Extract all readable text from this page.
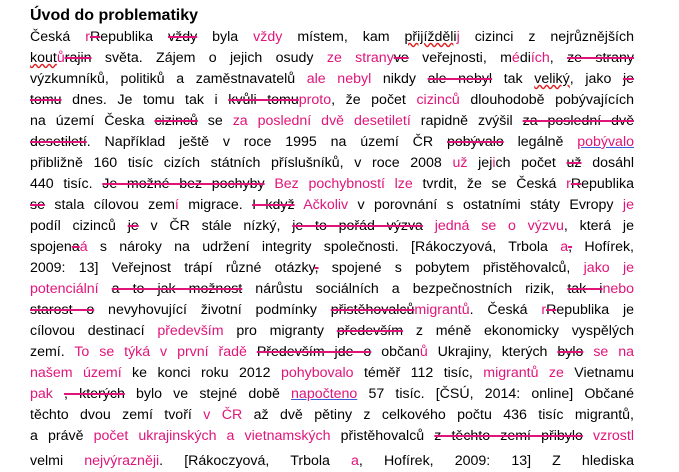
Úvod do problematiky
Česká rRepublika vždy byla vždy místem, kam přijíždělij cizinci z nejrůznějších
koutůrajin světa. Zájem o jejich osudy ze stranyve veřejnosti, médiích, ze strany
výzkumníků, politiků a zaměstnavatelů ale nebyl nikdy ale nebyl tak veliký, jako je
tomu dnes. Je tomu tak i kvůli tomuproto, že počet cizinců dlouhodobě pobývajících
na území Česka cizinců se za poslední dvě desetiletí rapidně zvýšil za poslední dvě
desetiletí. Například ještě v roce 1995 na území ČR pobývalo legálně pobývalo
přibližně 160 tisíc cizích státních příslušníků, v roce 2008 už jejich počet už dosáhl
440 tisíc. Je možné bez pochyby Bez pochybností lze tvrdit, že se Česká rRepublika
se stala cílovou zemí migrace. I když Ačkoliv v porovnání s ostatními státy Evropy je
podíl cizinců je v ČR stále nízký, je to pořád výzva jedná se o výzvu, která je
spojenaá s nároky na udržení integrity společnosti. [Rákoczyová, Trbola a, Hofírek,
2009: 13] Veřejnost trápí různé otázky, spojené s pobytem přistěhovalců, jako je
potenciální a to jak možnost nárůstu sociálních a bezpečnostních rizik, tak inebo
starost o nevyhovující životní podmínky přistěhovalcůmigrantů. Česká rRepublika je
cílovou destinací především pro migranty především z méně ekonomicky vyspělých
zemí. To se týká v první řadě Především jde o občanů Ukrajiny, kterých bylo se na
našem území ke konci roku 2012 pohybovalo téměř 112 tisíc, migrantů ze Vietnamu
pak , kterých bylo ve stejné době napočteno 57 tisíc. [ČSÚ, 2014: online] Občané
těchto dvou zemí tvoří v ČR až dvě pětiny z celkového počtu 436 tisíc migrantů,
a právě počet ukrajinských a vietnamských přistěhovalců z těchto zemí přibylo vzrostl
velmi nejvýrazněji. [Rákoczyová, Trbola a, Hofírek, 2009: 13] Z hlediska
